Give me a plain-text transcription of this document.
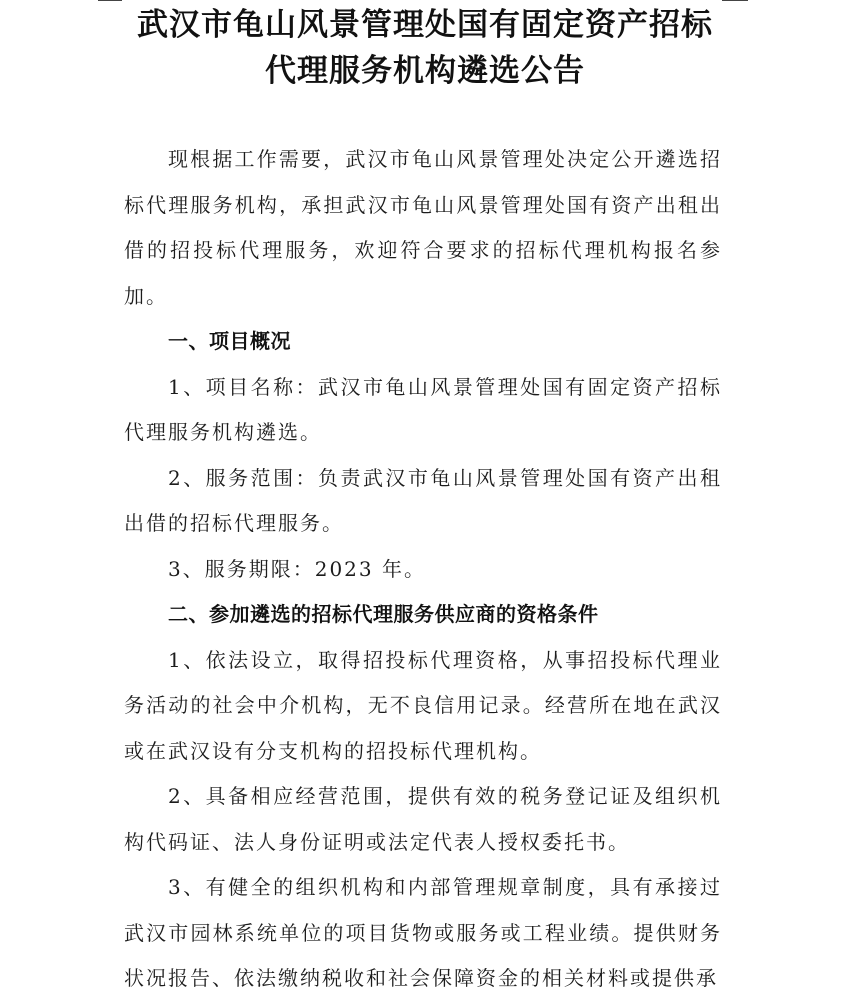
武汉市龟山风景管理处国有固定资产招标
代理服务机构遴选公告

现根据工作需要，武汉市龟山风景管理处决定公开遴选招标代理服务机构，承担武汉市龟山风景管理处国有资产出租出借的招投标代理服务，欢迎符合要求的招标代理机构报名参加。

一、项目概况

1、项目名称：武汉市龟山风景管理处国有固定资产招标代理服务机构遴选。

2、服务范围：负责武汉市龟山风景管理处国有资产出租出借的招标代理服务。

3、服务期限：2023 年。

二、参加遴选的招标代理服务供应商的资格条件

1、依法设立，取得招投标代理资格，从事招投标代理业务活动的社会中介机构，无不良信用记录。经营所在地在武汉或在武汉设有分支机构的招投标代理机构。

2、具备相应经营范围，提供有效的税务登记证及组织机构代码证、法人身份证明或法定代表人授权委托书。

3、有健全的组织机构和内部管理规章制度，具有承接过武汉市园林系统单位的项目货物或服务或工程业绩。提供财务状况报告、依法缴纳税收和社会保障资金的相关材料或提供承
